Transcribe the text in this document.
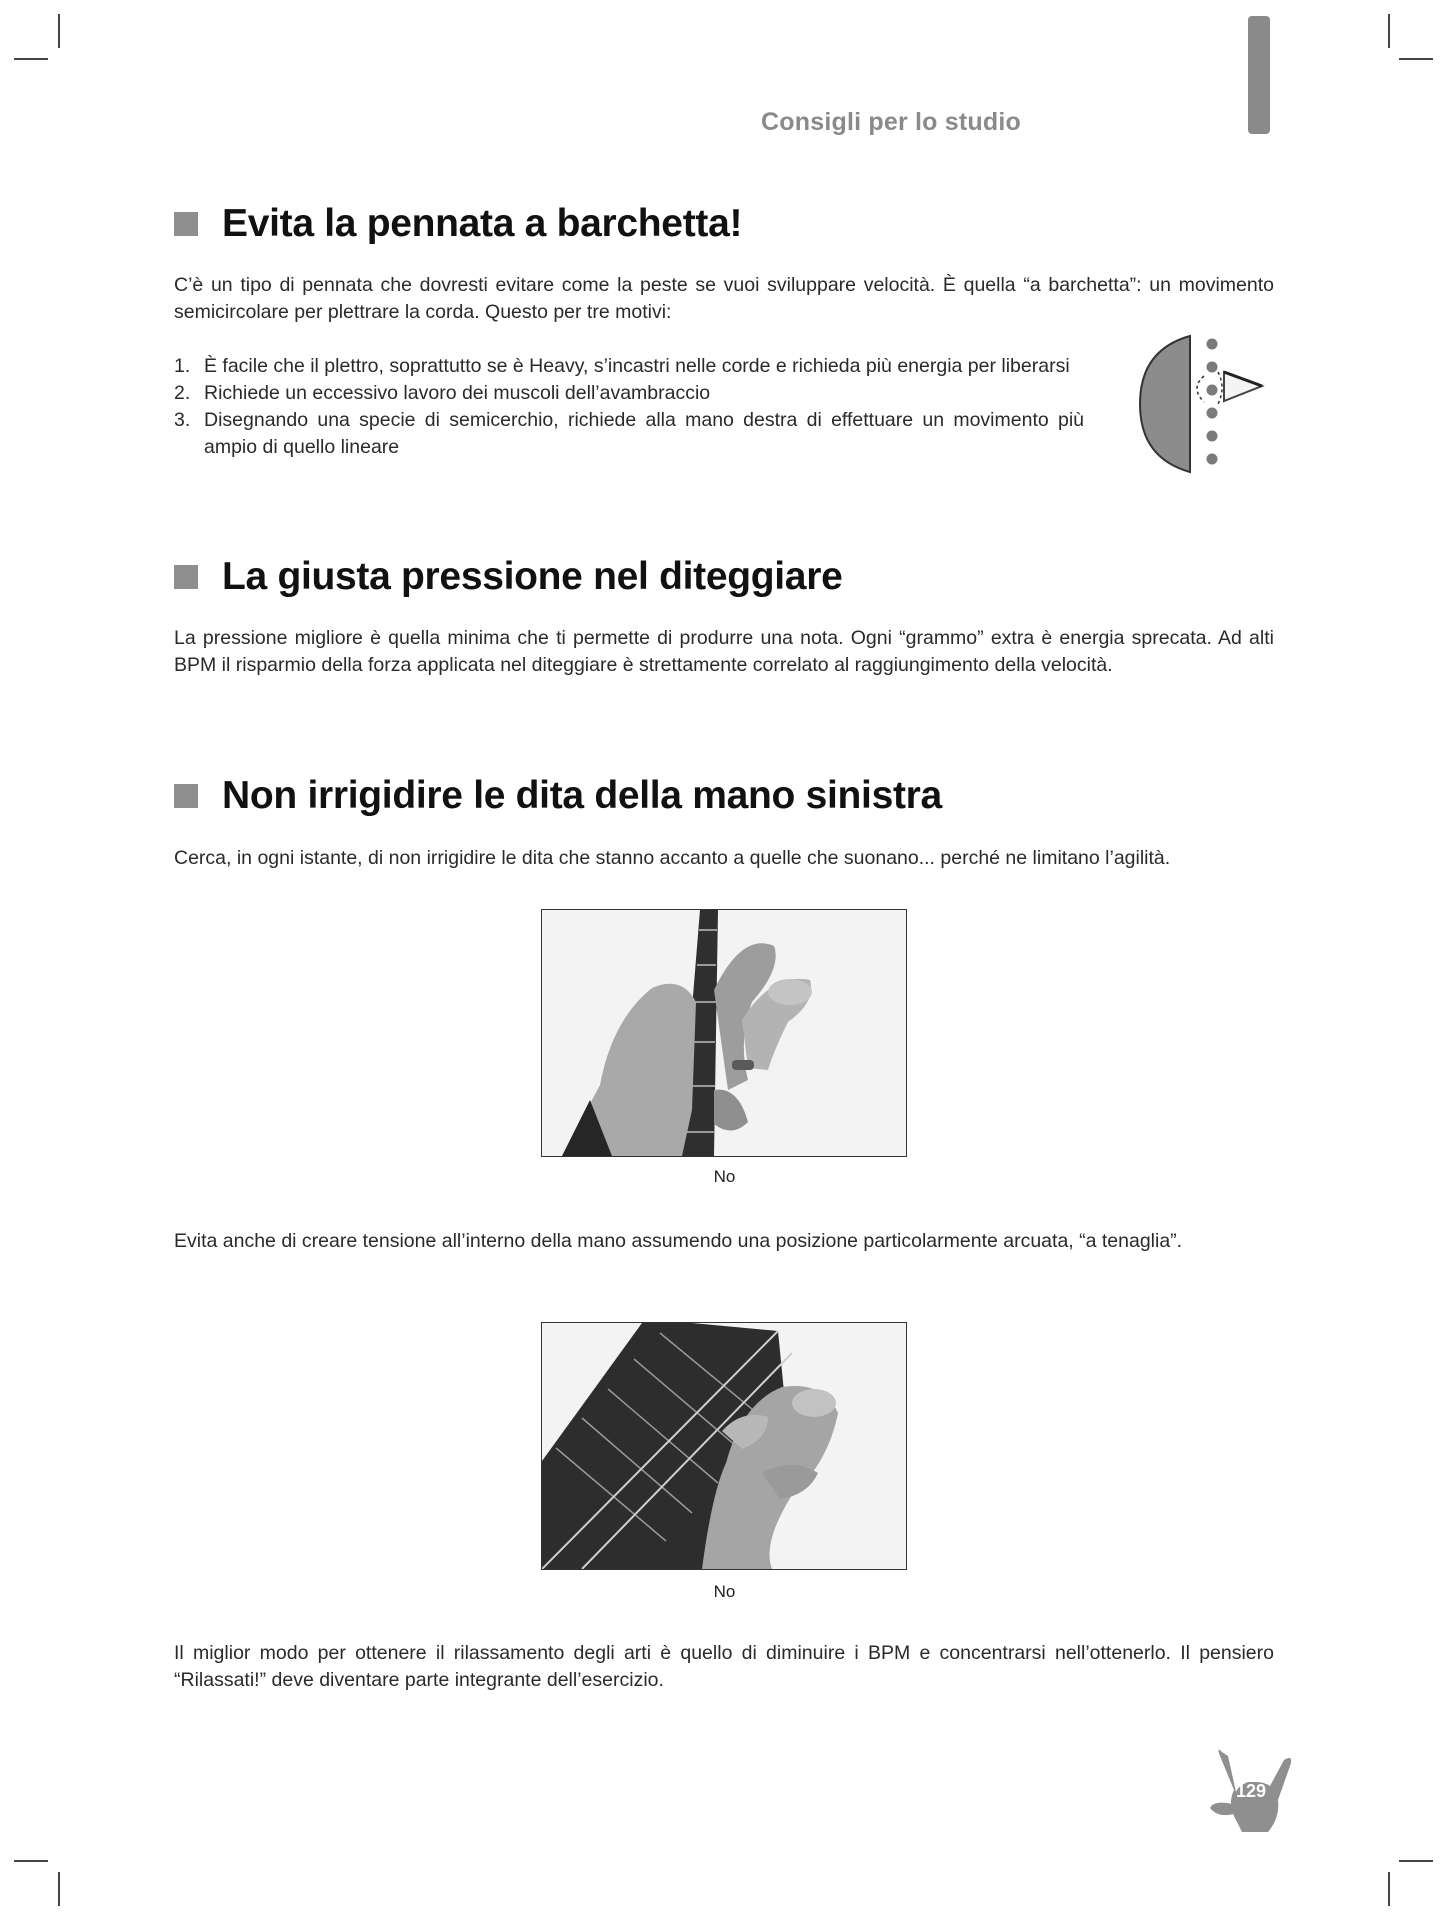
Consigli per lo studio
Evita la pennata a barchetta!

C’è un tipo di pennata che dovresti evitare come la peste se vuoi sviluppare velocità. È quella “a barchetta”: un movimento semicircolare per plettrare la corda. Questo per tre motivi:

1. È facile che il plettro, soprattutto se è Heavy, s’incastri nelle corde e richieda più energia per liberarsi
2. Richiede un eccessivo lavoro dei muscoli dell’avambraccio
3. Disegnando una specie di semicerchio, richiede alla mano destra di effettuare un movimento più ampio di quello lineare
La giusta pressione nel diteggiare

La pressione migliore è quella minima che ti permette di produrre una nota. Ogni “grammo” extra è energia sprecata. Ad alti BPM il risparmio della forza applicata nel diteggiare è strettamente correlato al raggiungimento della velocità.

Non irrigidire le dita della mano sinistra

Cerca, in ogni istante, di non irrigidire le dita che stanno accanto a quelle che suonano... perché ne limitano l’agilità.

No

Evita anche di creare tensione all’interno della mano assumendo una posizione particolarmente arcuata, “a tenaglia”.

No

Il miglior modo per ottenere il rilassamento degli arti è quello di diminuire i BPM e concentrarsi nell’ottenerlo. Il pensiero “Rilassati!” deve diventare parte integrante dell’esercizio.

129
